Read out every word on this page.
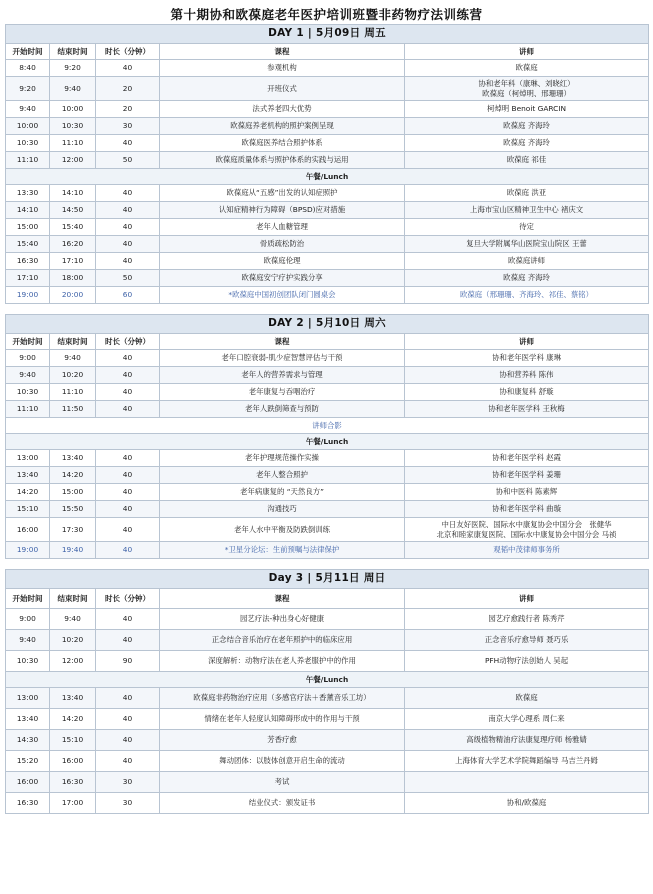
第十期协和欧葆庭老年医护培训班暨非药物疗法训练营
DAY 1 | 5月09日 周五				
开始时间	结束时间	时长（分钟）	课程	讲师
8:40	9:20	40	参观机构	欧葆庭

9:20	9:40	20	开班仪式	协和老年科（康琳、刘晓红）
欧葆庭（柯焯明、邢珊珊）

9:40	10:00	20	法式养老四大优势	柯焯明 Benoit GARCIN

10:00	10:30	30	欧葆庭养老机构的照护案例呈现	欧葆庭 齐海玲

10:30	11:10	40	欧葆庭医养结合照护体系	欧葆庭 齐海玲

11:10	12:00	50	欧葆庭质量体系与照护体系的实践与运用	欧葆庭 祁佳

午餐/Lunch				
13:30	14:10	40	欧葆庭从“五感”出发的认知症照护	欧葆庭 洪亚

14:10	14:50	40	认知症精神行为障碍（BPSD)应对措施	上海市宝山区精神卫生中心 褚庆文

15:00	15:40	40	老年人血糖管理	待定

15:40	16:20	40	骨质疏松防治	复旦大学附属华山医院宝山院区 王蕾

16:30	17:10	40	欧葆庭伦理	欧葆庭讲师

17:10	18:00	50	欧葆庭安宁疗护实践分享	欧葆庭 齐海玲

19:00	20:00	60	*欧葆庭中国初创团队闭门圆桌会	欧葆庭（邢珊珊、齐海玲、祁佳、蔡铭）
DAY 2 | 5月10日 周六				
开始时间	结束时间	时长（分钟）	课程	讲师
9:00	9:40	40	老年口腔衰弱-肌少症智慧评估与干预	协和老年医学科 康琳

9:40	10:20	40	老年人的营养需求与管理	协和营养科 陈伟

10:30	11:10	40	老年康复与吞咽治疗	协和康复科 舒璇

11:10	11:50	40	老年人跌倒筛查与预防	协和老年医学科 王秋梅

讲师合影				
午餐/Lunch				
13:00	13:40	40	老年护理规范操作实操	协和老年医学科 赵霞

13:40	14:20	40	老年人整合照护	协和老年医学科 姜珊

14:20	15:00	40	老年病康复的 “天然良方”	协和中医科 陈素辉

15:10	15:50	40	沟通技巧	协和老年医学科 曲璇

16:00	17:30	40	老年人水中平衡及防跌倒训练	中日友好医院、国际水中康复协会中国分会　张健华
北京和睦家康复医院、国际水中康复协会中国分会 马祯

19:00	19:40	40	*卫星分论坛：生前预嘱与法律保护	观韬中茂律师事务所
Day 3 | 5月11日 周日				
开始时间	结束时间	时长（分钟）	课程	讲师
9:00	9:40	40	园艺疗法-种出身心好健康	园艺疗愈践行者 陈秀芹

9:40	10:20	40	正念结合音乐治疗在老年照护中的临床应用	正念音乐疗愈导师 聂巧乐

10:30	12:00	90	深度解析：动物疗法在老人养老服护中的作用	PFH动物疗法创始人 吴起

午餐/Lunch				
13:00	13:40	40	欧葆庭非药物治疗应用（多感官疗法＋香薰音乐工坊）	欧葆庭

13:40	14:20	40	情绪在老年人轻度认知障碍形成中的作用与干预	南京大学心理系 周仁来

14:30	15:10	40	芳香疗愈	高级植物精油疗法康复理疗师 杨雅婧

15:20	16:00	40	舞动团体：以肢体创意开启生命的流动	上海体育大学艺术学院舞蹈编导 马吉兰丹姆

16:00	16:30	30	考试	

16:30	17:00	30	结业仪式：颁发证书	协和/欧葆庭
